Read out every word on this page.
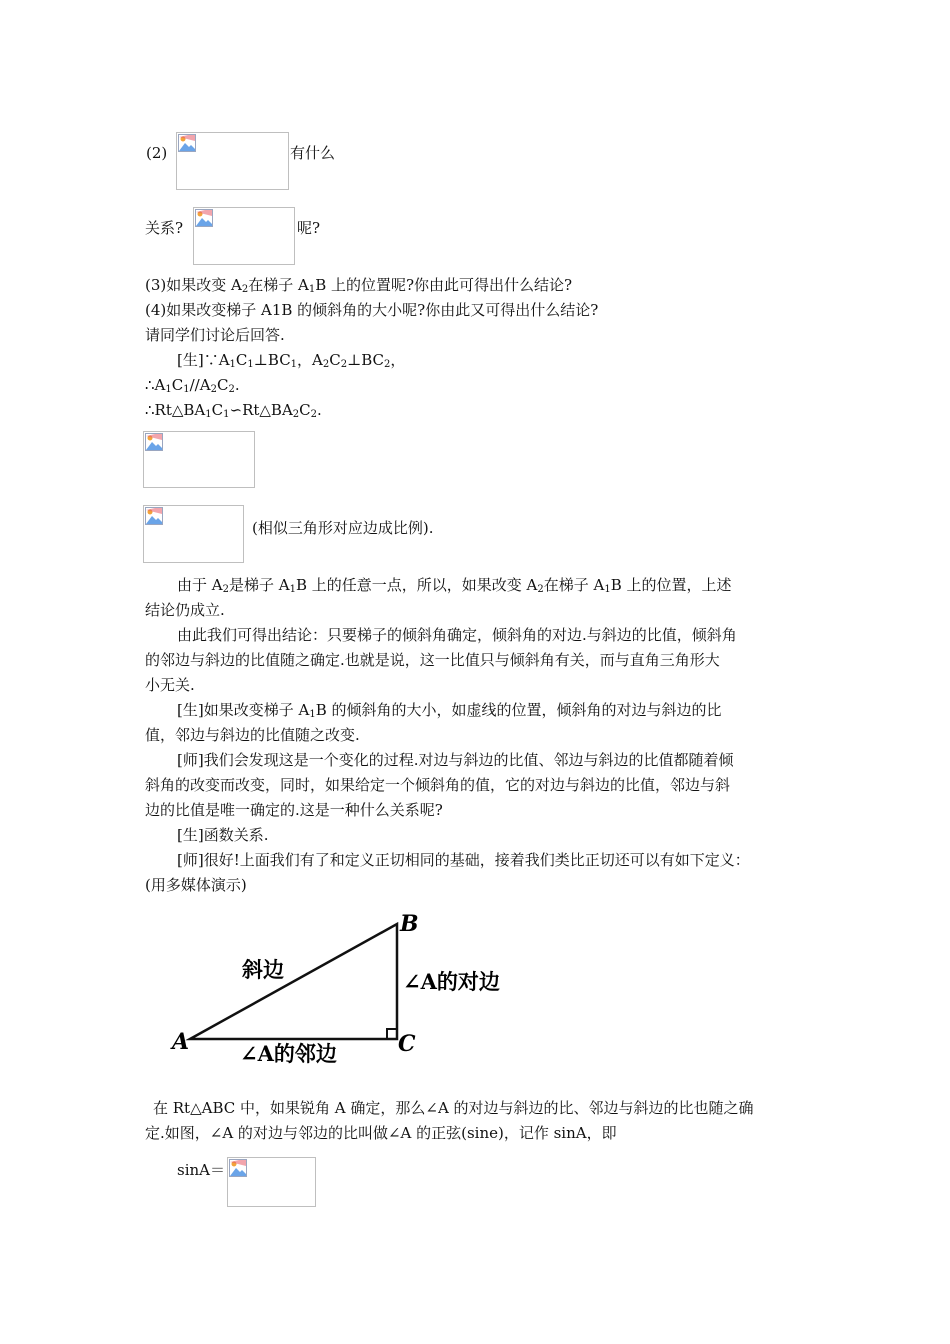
(2)	有什么
关系?	呢?
(3)如果改变 $A_2$在梯子 $A_1B$ 上的位置呢?你由此可得出什么结论?
(4)如果改变梯子 A1B 的倾斜角的大小呢?你由此又可得出什么结论?
请同学们讨论后回答.
[生]$\because A_1C_1\perp BC_1$，$A_2C_2\perp BC_2$，
$\therefore A_1C_1//A_2C_2$.
$\therefore Rt\triangle BA_1C_1∽Rt\triangle BA_2C_2$.
(相似三角形对应边成比例).
由于 $A_2$是梯子 $A_1B$ 上的任意一点，所以，如果改变 $A_2$在梯子 $A_1B$ 上的位置，上述
结论仍成立.
由此我们可得出结论：只要梯子的倾斜角确定，倾斜角的对边.与斜边的比值，倾斜角
的邻边与斜边的比值随之确定.也就是说，这一比值只与倾斜角有关，而与直角三角形大
小无关.
[生]如果改变梯子 $A_1B$ 的倾斜角的大小，如虚线的位置，倾斜角的对边与斜边的比
值，邻边与斜边的比值随之改变.
[师]我们会发现这是一个变化的过程.对边与斜边的比值、邻边与斜边的比值都随着倾
斜角的改变而改变，同时，如果给定一个倾斜角的值，它的对边与斜边的比值，邻边与斜
边的比值是唯一确定的.这是一种什么关系呢?
[生]函数关系.
[师]很好!上面我们有了和定义正切相同的基础，接着我们类比正切还可以有如下定义：
(用多媒体演示)
A
B
C
斜边	∠A的对边
∠A的邻边
在 Rt△ABC 中，如果锐角 A 确定，那么∠A 的对边与斜边的比、邻边与斜边的比也随之确
定.如图，∠A 的对边与邻边的比叫做∠A 的正弦(sine)，记作 sinA，即
sinA＝
